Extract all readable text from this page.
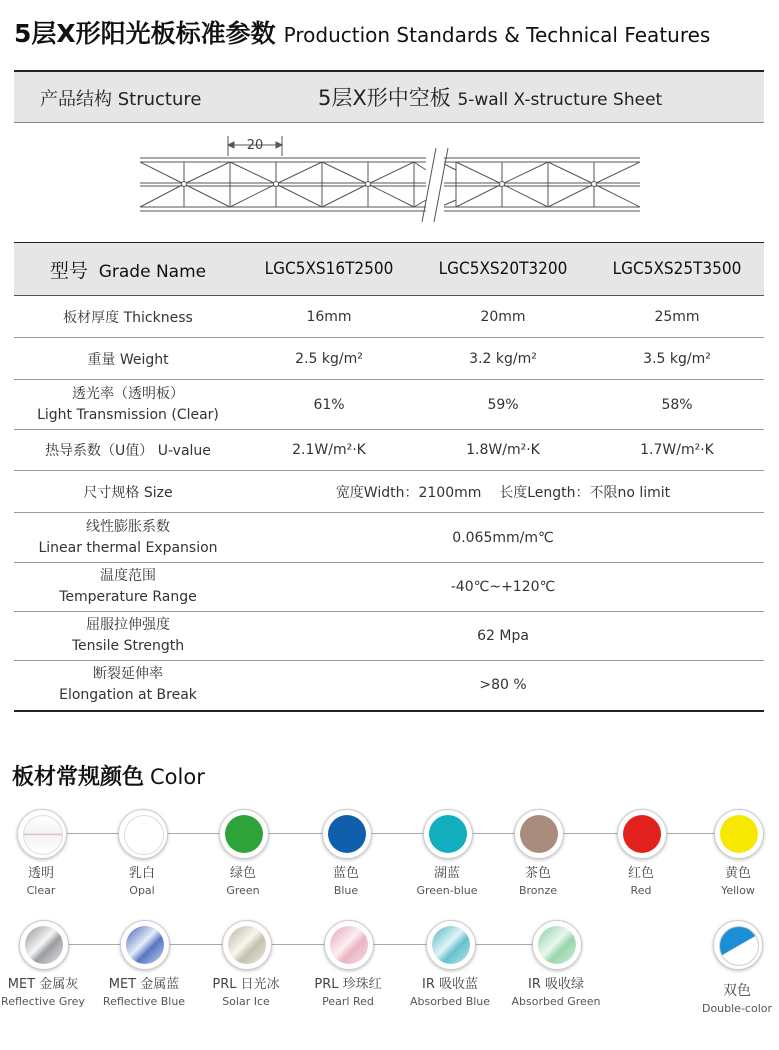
5层X形阳光板标准参数 Production Standards & Technical Features
产品结构 Structure	5层X形中空板 5-wall X-structure Sheet
20
型号 Grade Name	LGC5XS16T2500	LGC5XS20T3200	LGC5XS25T3500
板材厚度 Thickness	16mm	20mm	25mm
重量 Weight	2.5 kg/m²	3.2 kg/m²	3.5 kg/m²

透光率（透明板）
Light Transmission (Clear)	61%	59%	58%
热导系数（U值） U-value	2.1W/m²·K	1.8W/m²·K	1.7W/m²·K
尺寸规格 Size	宽度Width：2100mm    长度Length：不限no limit		

线性膨胀系数
Linear thermal Expansion	0.065mm/m℃		

温度范围
Temperature Range	-40℃~+120℃		

屈服拉伸强度
Tensile Strength	62 Mpa		

断裂延伸率
Elongation at Break	>80 %		
板材常规颜色 Color
透明
Clear
乳白
Opal
绿色
Green
蓝色
Blue
湖蓝
Green-blue
茶色
Bronze
红色
Red
黄色
Yellow
MET 金属灰
Reflective Grey
MET 金属蓝
Reflective Blue
PRL 日光冰
Solar Ice
PRL 珍珠红
Pearl Red
IR 吸收蓝
Absorbed Blue
IR 吸收绿
Absorbed Green
双色
Double-color
